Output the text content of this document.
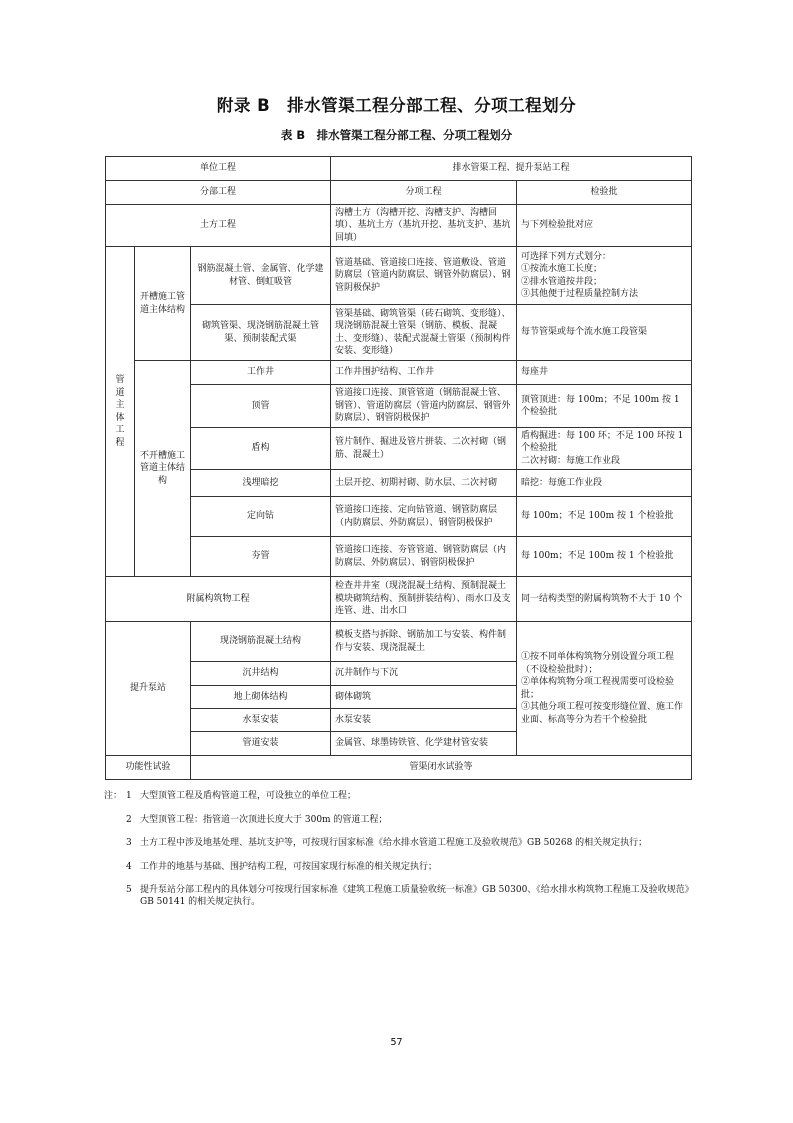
附录 B　排水管渠工程分部工程、分项工程划分
表 B　排水管渠工程分部工程、分项工程划分
单位工程			排水管渠工程、提升泵站工程	
分部工程			分项工程	检验批
土方工程			沟槽土方（沟槽开挖、沟槽支护、沟槽回填）、基坑土方（基坑开挖、基坑支护、基坑回填）	与下列检验批对应
管道主体工程	开槽施工管道主体结构	钢筋混凝土管、金属管、化学建材管、倒虹吸管	管道基础、管道接口连接、管道敷设、管道防腐层（管道内防腐层、钢管外防腐层）、钢管阴极保护	可选择下列方式划分：
①按流水施工长度；
②排水管道按井段；
③其他便于过程质量控制方法
		砌筑管渠、现浇钢筋混凝土管渠、预制装配式渠	管渠基础、砌筑管渠（砖石砌筑、变形缝）、现浇钢筋混凝土管渠（钢筋、模板、混凝土、变形缝）、装配式混凝土管渠（预制构件安装、变形缝）	每节管渠或每个流水施工段管渠
	不开槽施工管道主体结构	工作井	工作井围护结构、工作井	每座井
		顶管	管道接口连接、顶管管道（钢筋混凝土管、钢管）、管道防腐层（管道内防腐层、钢管外防腐层）、钢管阴极保护	顶管顶进：每 100m；不足 100m 按 1 个检验批
		盾构	管片制作、掘进及管片拼装、二次衬砌（钢筋、混凝土）	盾构掘进：每 100 环；不足 100 环按 1 个检验批
二次衬砌：每施工作业段
		浅埋暗挖	土层开挖、初期衬砌、防水层、二次衬砌	暗挖：每施工作业段
		定向钻	管道接口连接、定向钻管道、钢管防腐层（内防腐层、外防腐层）、钢管阴极保护	每 100m；不足 100m 按 1 个检验批
		夯管	管道接口连接、夯管管道、钢管防腐层（内防腐层、外防腐层）、钢管阴极保护	每 100m；不足 100m 按 1 个检验批
附属构筑物工程			检查井井室（现浇混凝土结构、预制混凝土模块砌筑结构、预制拼装结构）、雨水口及支连管、进、出水口	同一结构类型的附属构筑物不大于 10 个
提升泵站		现浇钢筋混凝土结构	模板支搭与拆除、钢筋加工与安装、构件制作与安装、现浇混凝土	①按不同单体构筑物分别设置分项工程（不设检验批时）；
②单体构筑物分项工程视需要可设检验批；
③其他分项工程可按变形缝位置、施工作业面、标高等分为若干个检验批
		沉井结构	沉井制作与下沉	
		地上砌体结构	砌体砌筑	
		水泵安装	水泵安装	
		管道安装	金属管、球墨铸铁管、化学建材管安装	
功能性试验		管渠闭水试验等		
注： 1 大型顶管工程及盾构管道工程，可设独立的单位工程；
2 大型顶管工程：指管道一次顶进长度大于 300m 的管道工程；
3 土方工程中涉及地基处理、基坑支护等，可按现行国家标准《给水排水管道工程施工及验收规范》GB 50268 的相关规定执行；
4 工作井的地基与基础、围护结构工程，可按国家现行标准的相关规定执行；
5 提升泵站分部工程内的具体划分可按现行国家标准《建筑工程施工质量验收统一标准》GB 50300、《给水排水构筑物工程施工及验收规范》GB 50141 的相关规定执行。
57
